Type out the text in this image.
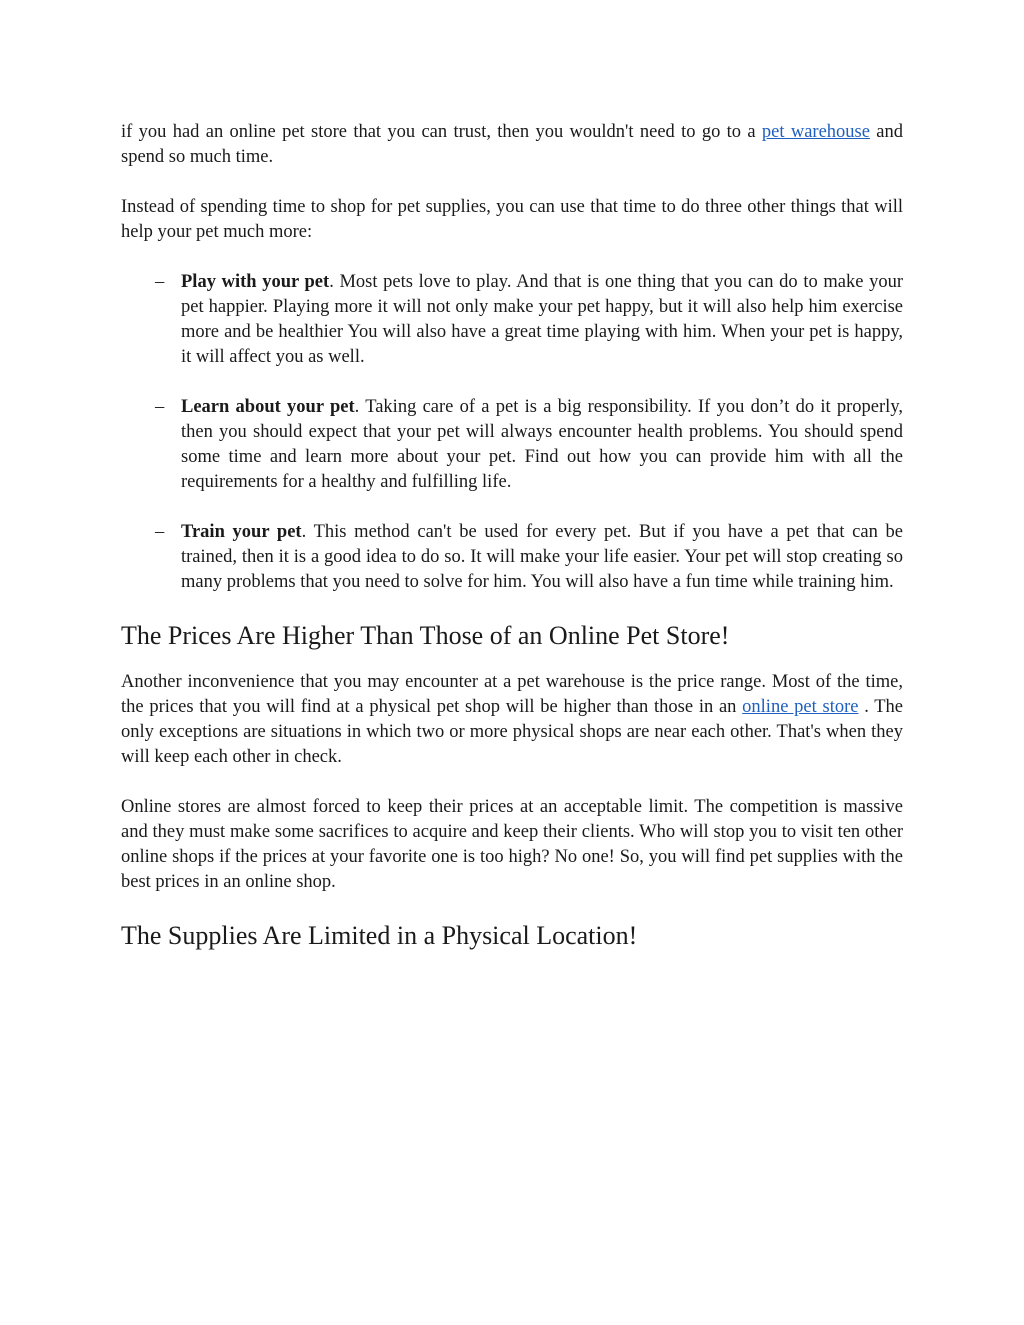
if you had an online pet store that you can trust, then you wouldn't need to go to a pet warehouse and spend so much time.

Instead of spending time to shop for pet supplies, you can use that time to do three other things that will help your pet much more:

– Play with your pet. Most pets love to play. And that is one thing that you can do to make your pet happier. Playing more it will not only make your pet happy, but it will also help him exercise more and be healthier You will also have a great time playing with him. When your pet is happy, it will affect you as well.
– Learn about your pet. Taking care of a pet is a big responsibility. If you don’t do it properly, then you should expect that your pet will always encounter health problems. You should spend some time and learn more about your pet. Find out how you can provide him with all the requirements for a healthy and fulfilling life.
– Train your pet. This method can't be used for every pet. But if you have a pet that can be trained, then it is a good idea to do so. It will make your life easier. Your pet will stop creating so many problems that you need to solve for him. You will also have a fun time while training him.
The Prices Are Higher Than Those of an Online Pet Store!

Another inconvenience that you may encounter at a pet warehouse is the price range. Most of the time, the prices that you will find at a physical pet shop will be higher than those in an online pet store . The only exceptions are situations in which two or more physical shops are near each other. That's when they will keep each other in check.

Online stores are almost forced to keep their prices at an acceptable limit. The competition is massive and they must make some sacrifices to acquire and keep their clients. Who will stop you to visit ten other online shops if the prices at your favorite one is too high? No one! So, you will find pet supplies with the best prices in an online shop.

The Supplies Are Limited in a Physical Location!
